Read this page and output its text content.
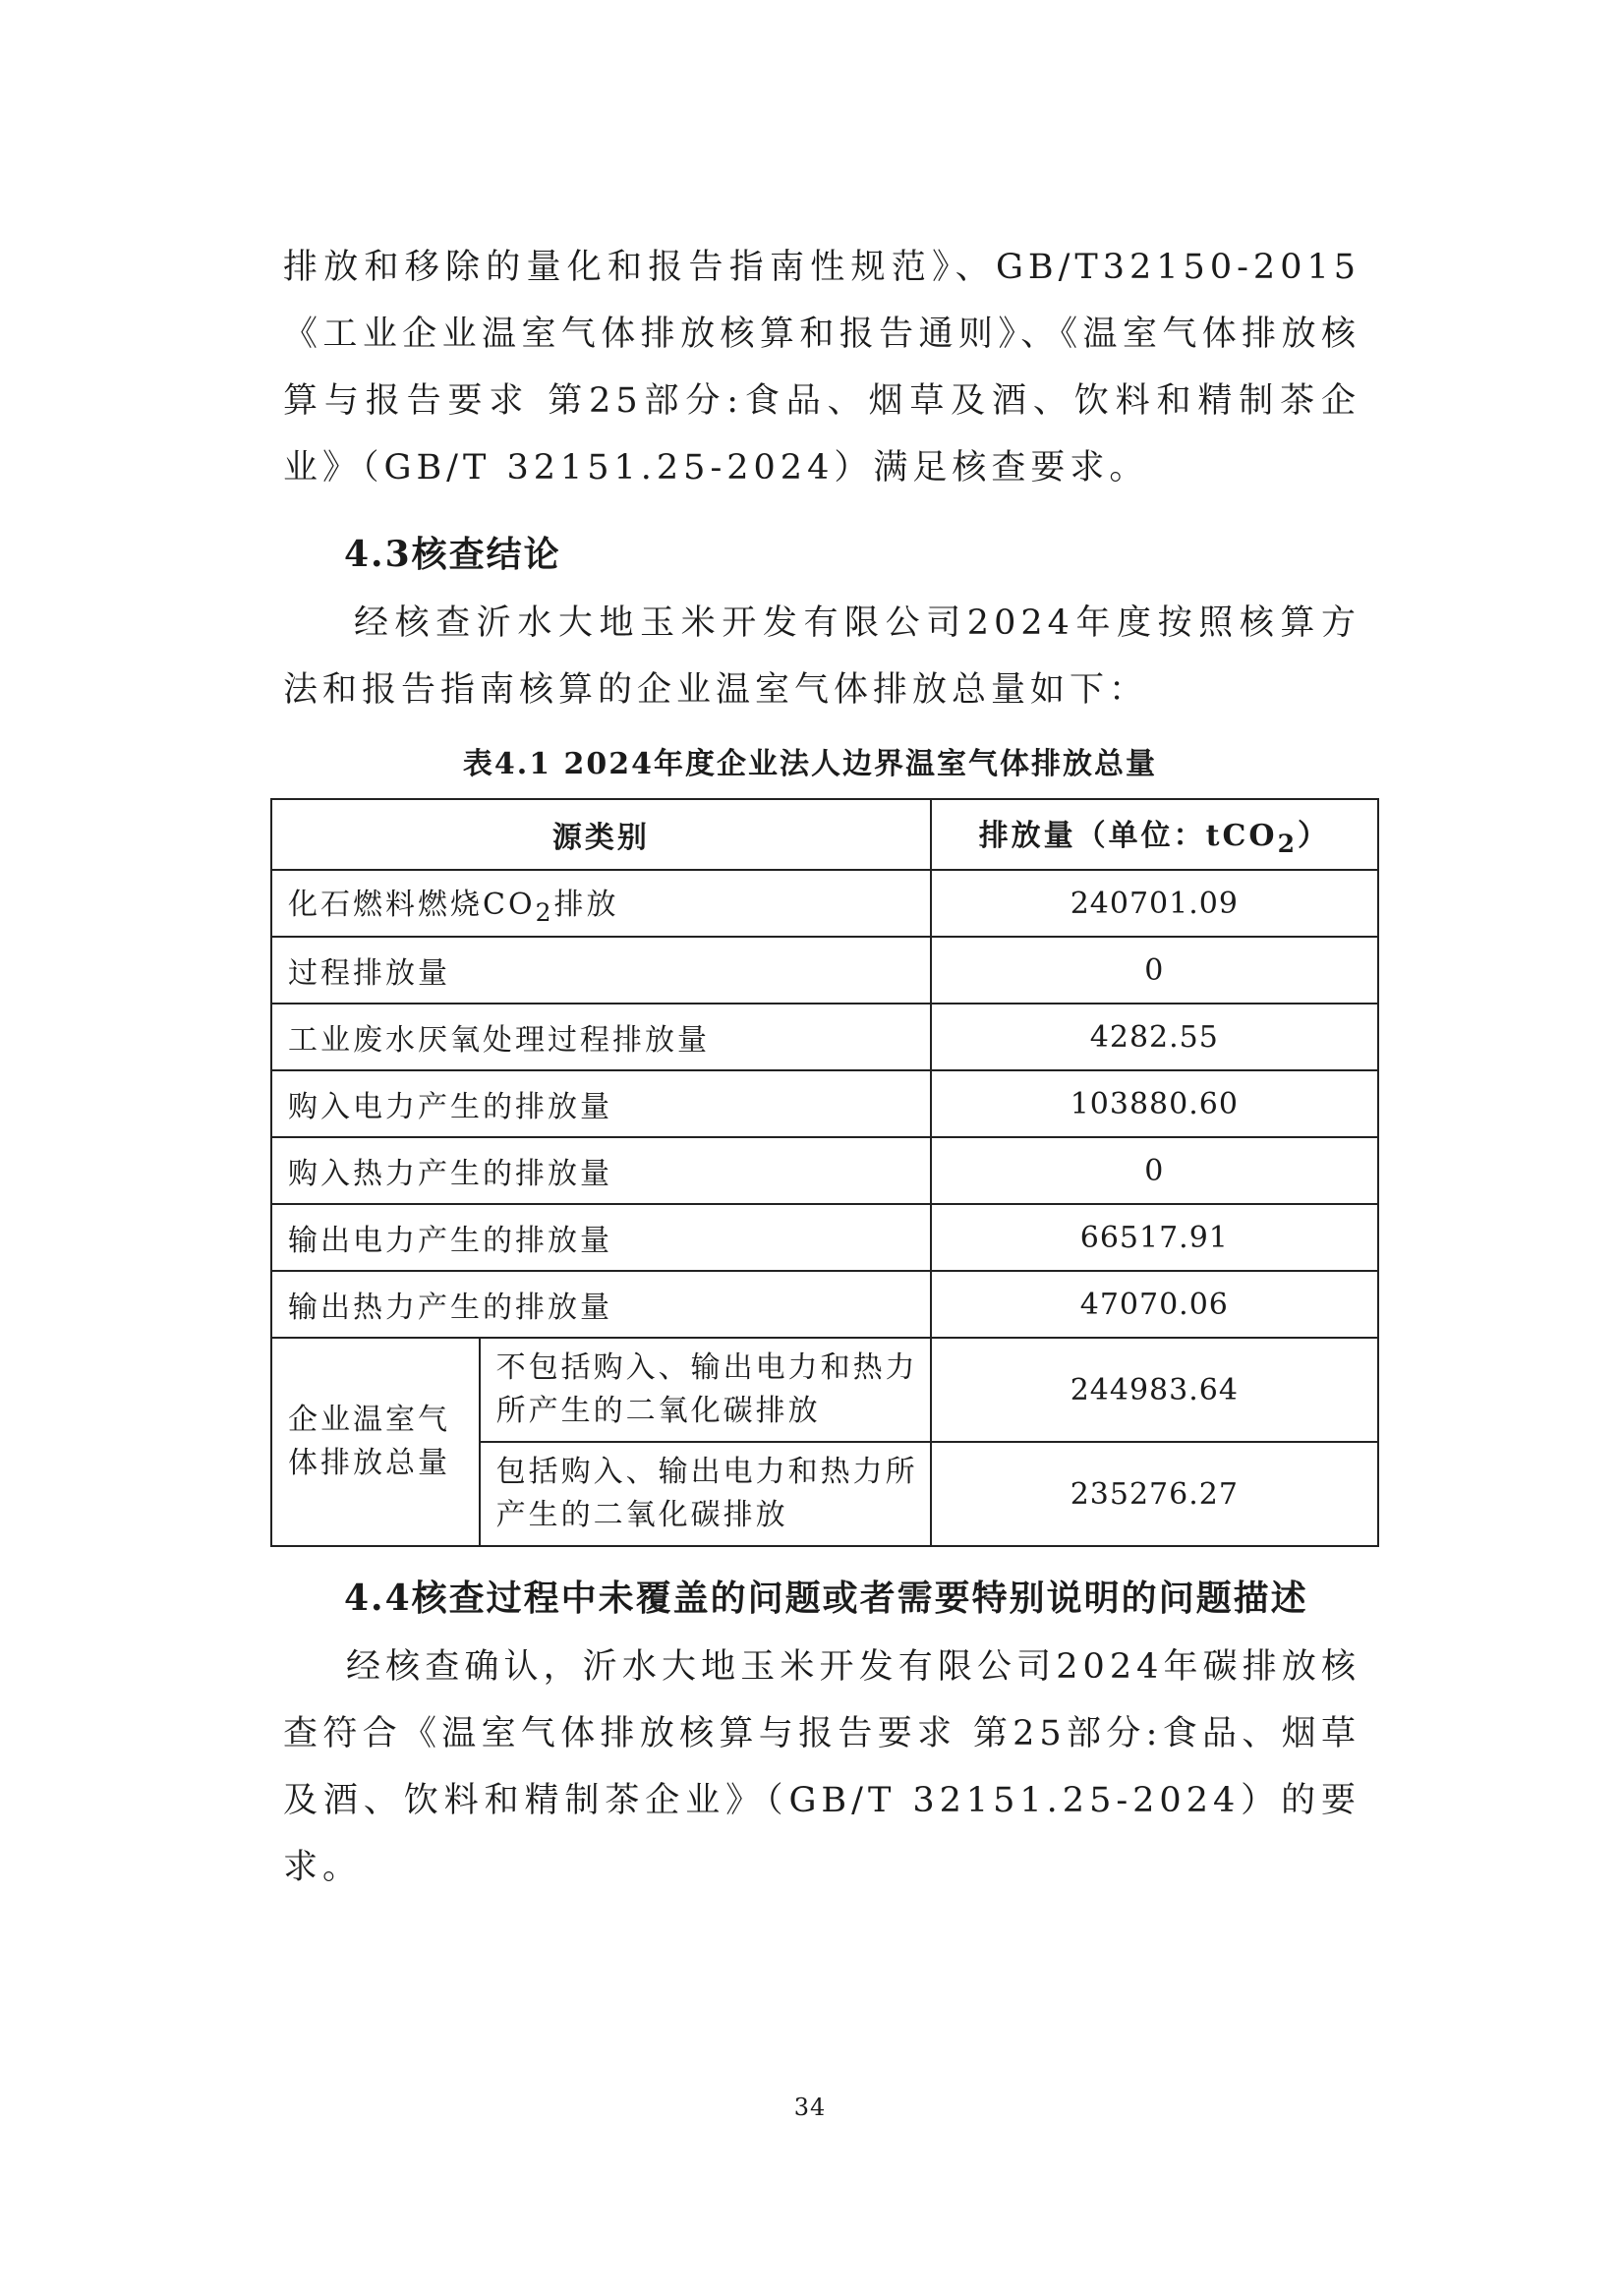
排放和移除的量化和报告指南性规范》、GB/T32150-2015《工业企业温室气体排放核算和报告通则》、《温室气体排放核算与报告要求 第25部分:食品、烟草及酒、饮料和精制茶企业》（GB/T 32151.25-2024）满足核查要求。

4.3核查结论

经核查沂水大地玉米开发有限公司2024年度按照核算方法和报告指南核算的企业温室气体排放总量如下：

表4.1 2024年度企业法人边界温室气体排放总量

源类别		排放量（单位：tCO$_2$）
化石燃料燃烧$CO_2$排放		240701.09
过程排放量		0
工业废水厌氧处理过程排放量		4282.55
购入电力产生的排放量		103880.60
购入热力产生的排放量		0
输出电力产生的排放量		66517.91
输出热力产生的排放量		47070.06
企业温室气体排放总量	不包括购入、输出电力和热力所产生的二氧化碳排放	244983.64
	包括购入、输出电力和热力所产生的二氧化碳排放	235276.27
4.4核查过程中未覆盖的问题或者需要特别说明的问题描述

经核查确认，沂水大地玉米开发有限公司2024年碳排放核查符合《温室气体排放核算与报告要求 第25部分:食品、烟草及酒、饮料和精制茶企业》（GB/T 32151.25-2024）的要求。

34
